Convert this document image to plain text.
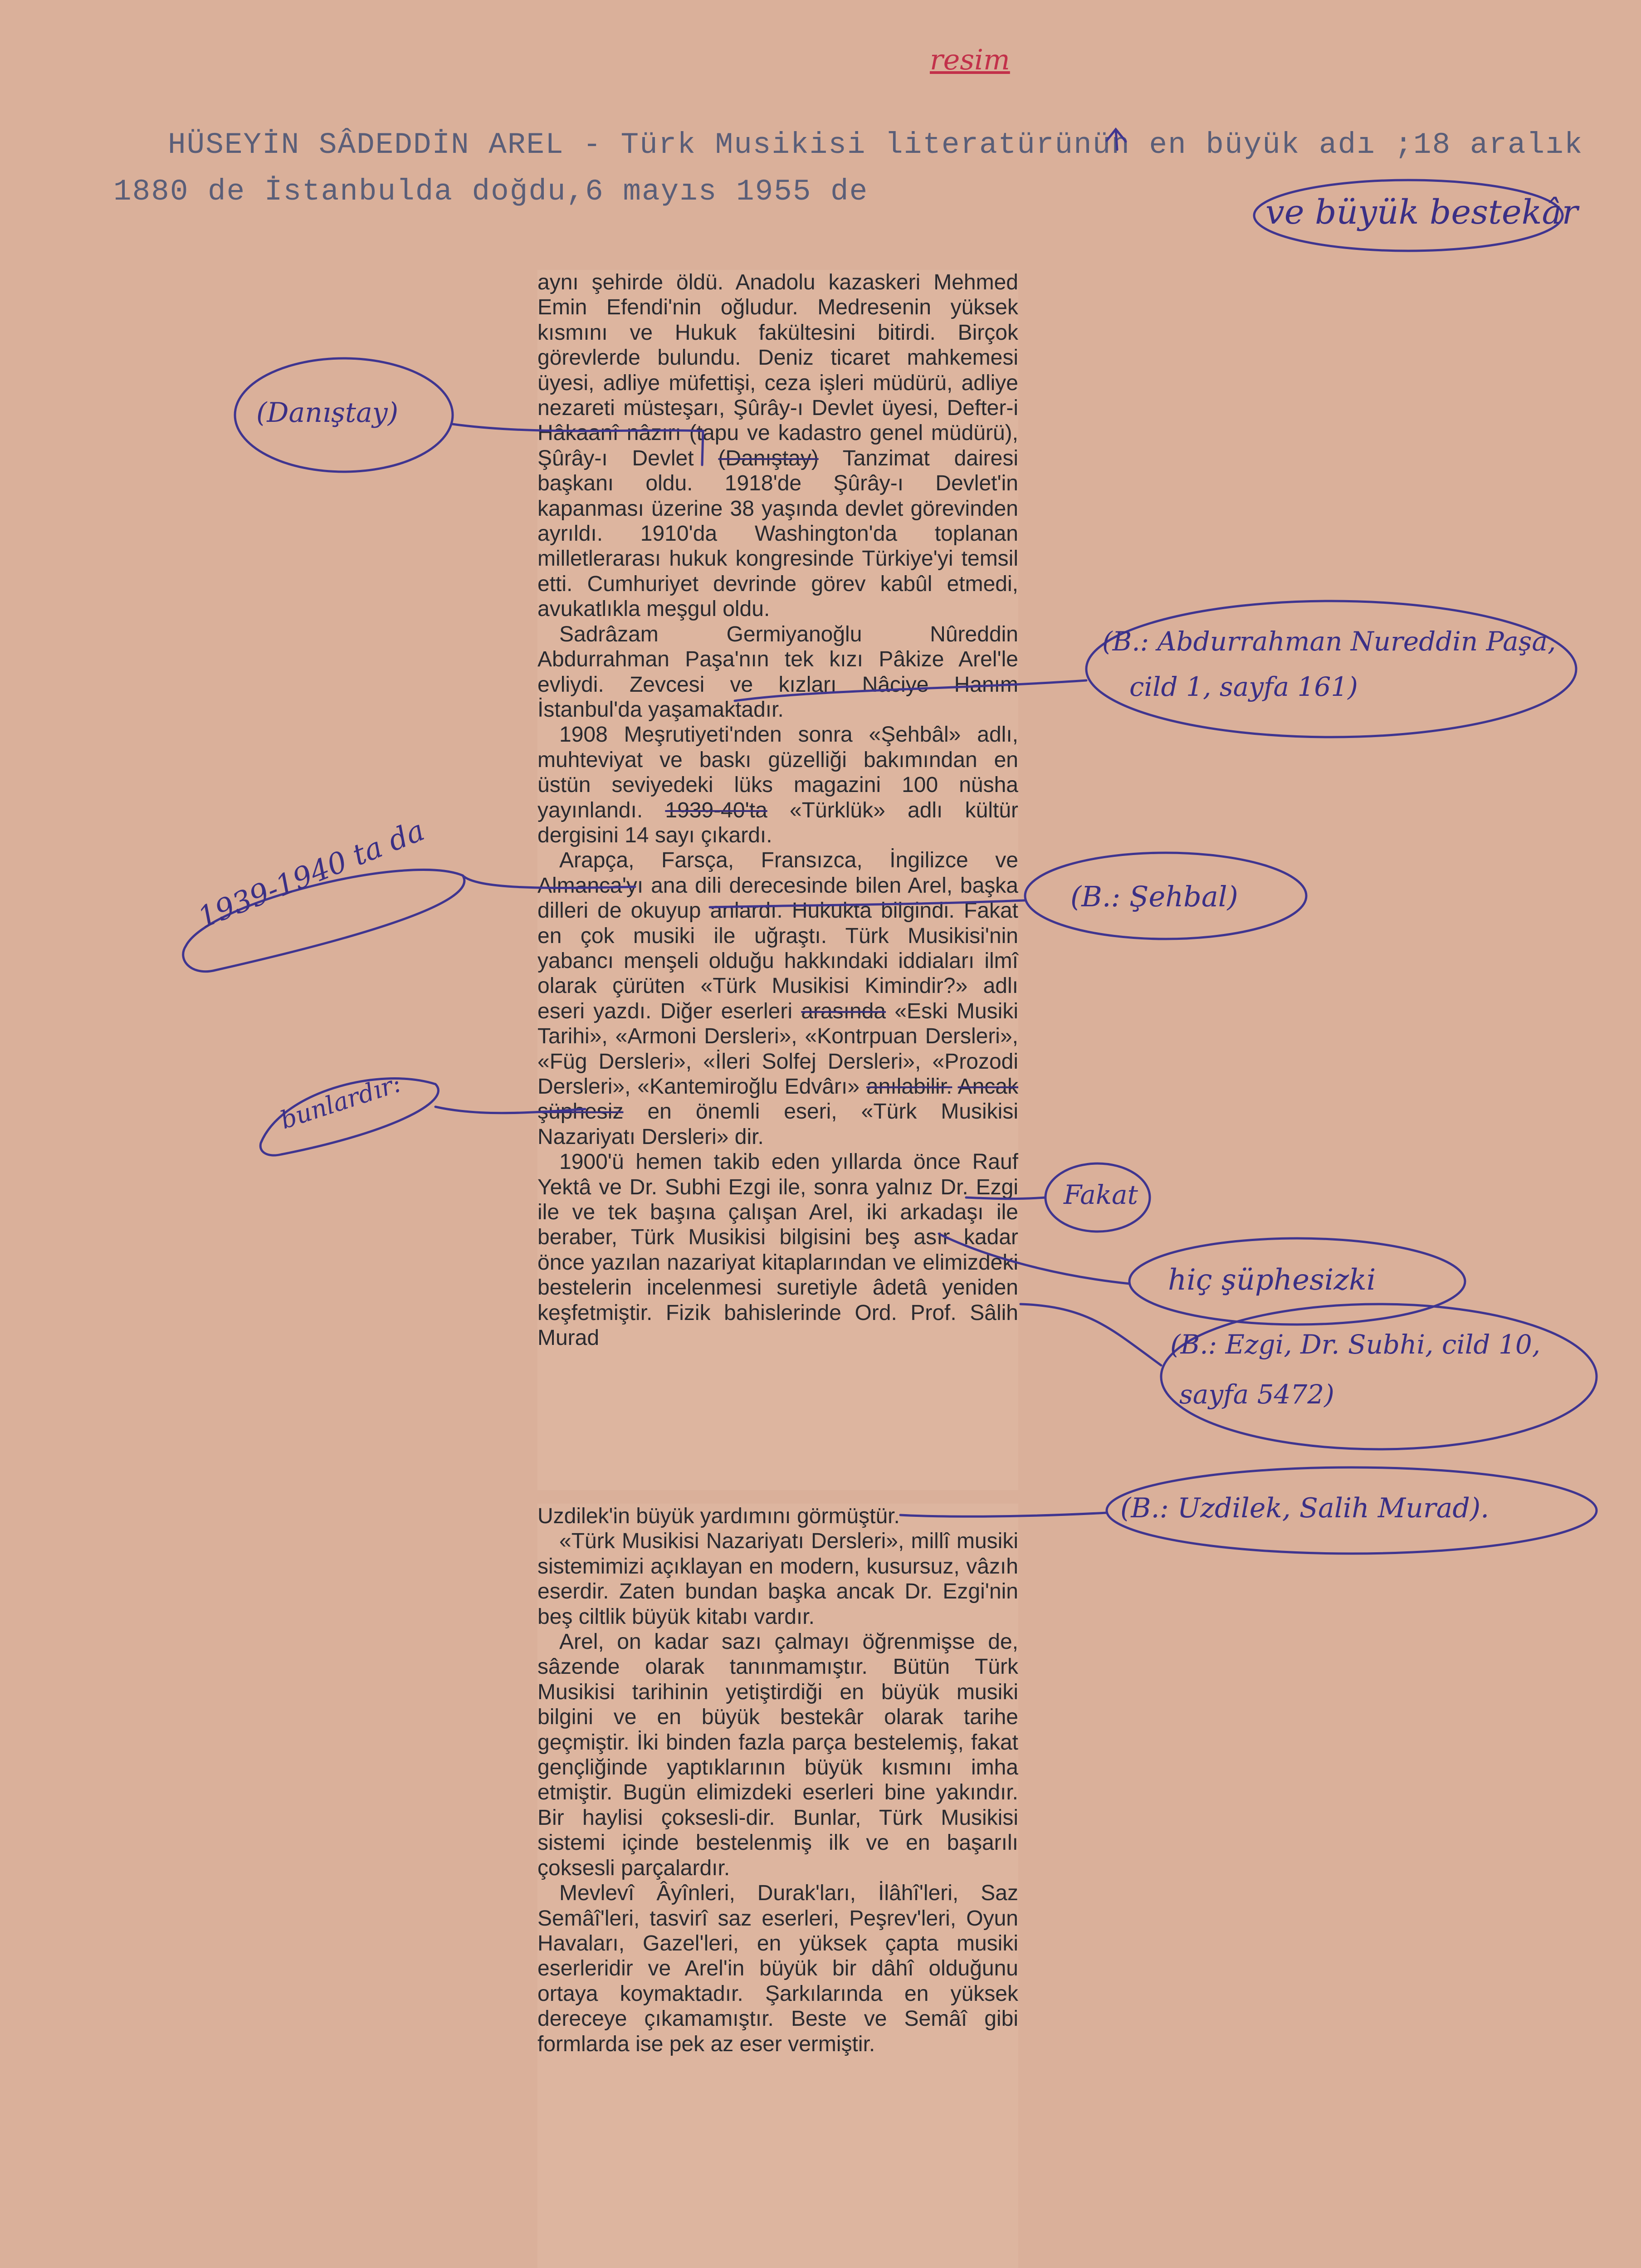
resim
HÜSEYİN SÂDEDDİN AREL - Türk Musikisi literatürünün en büyük adı ;18 aralık
1880 de İstanbulda doğdu,6 mayıs 1955 de

aynı şehirde öldü. Anadolu kazaskeri Mehmed Emin Efendi'nin oğludur. Medresenin yüksek kısmını ve Hukuk fakültesini bitirdi. Birçok görevlerde bulundu. Deniz ticaret mahkemesi üyesi, adliye müfettişi, ceza işleri müdürü, adliye nezareti müsteşarı, Şûrây-ı Devlet üyesi, Defter-i Hâkaanî nâzırı (tapu ve kadastro genel müdürü), Şûrây-ı Devlet (Danıştay) Tanzimat dairesi başkanı oldu. 1918'de Şûrây-ı Devlet'in kapanması üzerine 38 yaşında devlet görevinden ayrıldı. 1910'da Washington'da toplanan milletlerarası hukuk kongresinde Türkiye'yi temsil etti. Cumhuriyet devrinde görev kabûl etmedi, avukatlıkla meşgul oldu.

Sadrâzam Germiyanoğlu Nûreddin Abdurrahman Paşa'nın tek kızı Pâkize Arel'le evliydi. Zevcesi ve kızları Nâciye Hanım İstanbul'da yaşamaktadır.

1908 Meşrutiyeti'nden sonra «Şehbâl» adlı, muhteviyat ve baskı güzelliği bakımından en üstün seviyedeki lüks magazini 100 nüsha yayınlandı. 1939-40'ta «Türklük» adlı kültür dergisini 14 sayı çıkardı.

Arapça, Farsça, Fransızca, İngilizce ve Almanca'yı ana dili derecesinde bilen Arel, başka dilleri de okuyup anlardı. Hukukta bilgindi. Fakat en çok musiki ile uğraştı. Türk Musikisi'nin yabancı menşeli olduğu hakkındaki iddiaları ilmî olarak çürüten «Türk Musikisi Kimindir?» adlı eseri yazdı. Diğer eserleri arasında «Eski Musiki Tarihi», «Armoni Dersleri», «Kontrpuan Dersleri», «Füg Dersleri», «İleri Solfej Dersleri», «Prozodi Dersleri», «Kantemiroğlu Edvârı» anılabilir. Ancak şüphesiz en önemli eseri, «Türk Musikisi Nazariyatı Dersleri» dir.

1900'ü hemen takib eden yıllarda önce Rauf Yektâ ve Dr. Subhi Ezgi ile, sonra yalnız Dr. Ezgi ile ve tek başına çalışan Arel, iki arkadaşı ile beraber, Türk Musikisi bilgisini beş asır kadar önce yazılan nazariyat kitaplarından ve elimizdeki bestelerin incelenmesi suretiyle âdetâ yeniden keşfetmiştir. Fizik bahislerinde Ord. Prof. Sâlih Murad

Uzdilek'in büyük yardımını görmüştür.

«Türk Musikisi Nazariyatı Dersleri», millî musiki sistemimizi açıklayan en modern, kusursuz, vâzıh eserdir. Zaten bundan başka ancak Dr. Ezgi'nin beş ciltlik büyük kitabı vardır.

Arel, on kadar sazı çalmayı öğrenmişse de, sâzende olarak tanınmamıştır. Bütün Türk Musikisi tarihinin yetiştirdiği en büyük musiki bilgini ve en büyük bestekâr olarak tarihe geçmiştir. İki binden fazla parça bestelemiş, fakat gençliğinde yaptıklarının büyük kısmını imha etmiştir. Bugün elimizdeki eserleri bine yakındır. Bir haylisi çoksesli-dir. Bunlar, Türk Musikisi sistemi içinde bestelenmiş ilk ve en başarılı çoksesli parçalardır.

Mevlevî Âyînleri, Durak'ları, İlâhî'leri, Saz Semâî'leri, tasvirî saz eserleri, Peşrev'leri, Oyun Havaları, Gazel'leri, en yüksek çapta musiki eserleridir ve Arel'in büyük bir dâhî olduğunu ortaya koymaktadır. Şarkılarında en yüksek dereceye çıkamamıştır. Beste ve Semâî gibi formlarda ise pek az eser vermiştir.

ve büyük bestekâr
(Danıştay)
(B.: Abdurrahman Nureddin Paşa,
cild 1, sayfa 161)
1939-1940 ta da	(B.: Şehbal)
bunlardır:
Fakat
hiç şüphesizki
(B.: Ezgi, Dr. Subhi, cild 10,
sayfa 5472)
(B.: Uzdilek, Salih Murad).
